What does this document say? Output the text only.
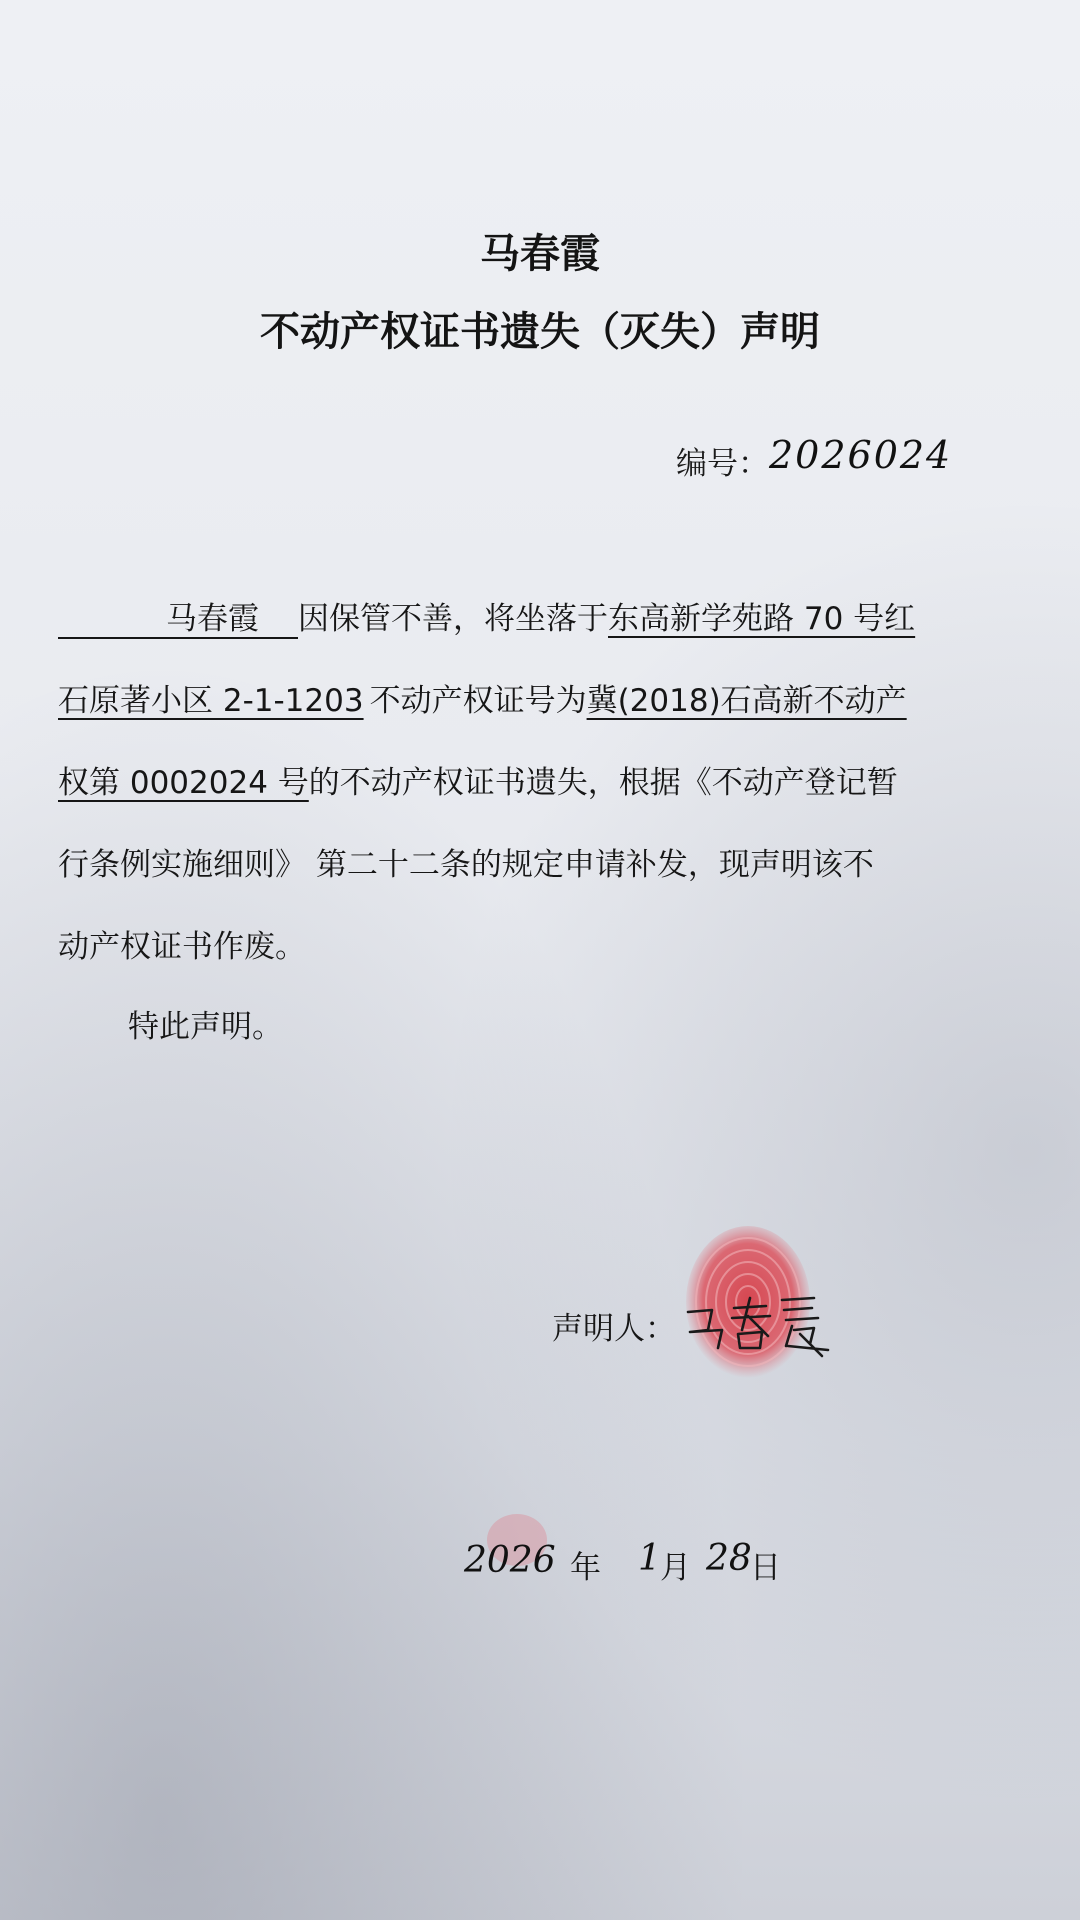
马春霞
不动产权证书遗失（灭失）声明
编号：2026024
马春霞 因保管不善，将坐落于东高新学苑路 70 号红
石原著小区 2-1-1203 不动产权证号为冀(2018)石高新不动产
权第 0002024 号的不动产权证书遗失，根据《不动产登记暂
行条例实施细则》 第二十二条的规定申请补发，现声明该不
动产权证书作废。
特此声明。
声明人：
2026 年 1 月 28
日
